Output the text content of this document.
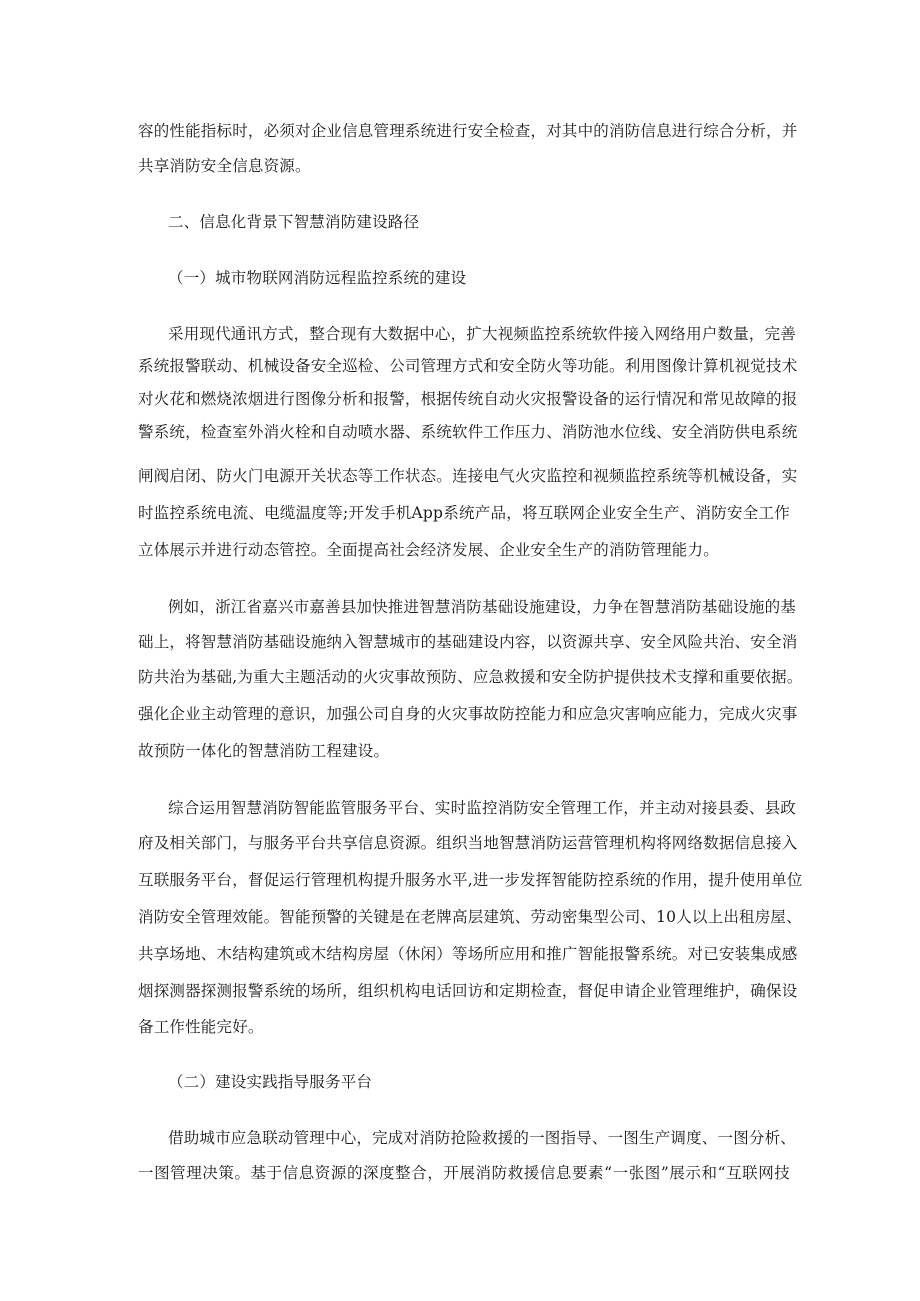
容的性能指标时，必须对企业信息管理系统进行安全检查，对其中的消防信息进行综合分析，并
共享消防安全信息资源。
二、信息化背景下智慧消防建设路径
（一）城市物联网消防远程监控系统的建设
采用现代通讯方式，整合现有大数据中心，扩大视频监控系统软件接入网络用户数量，完善
系统报警联动、机械设备安全巡检、公司管理方式和安全防火等功能。利用图像计算机视觉技术
对火花和燃烧浓烟进行图像分析和报警，根据传统自动火灾报警设备的运行情况和常见故障的报
警系统，检查室外消火栓和自动喷水器、系统软件工作压力、消防池水位线、安全消防供电系统
闸阀启闭、防火门电源开关状态等工作状态。连接电气火灾监控和视频监控系统等机械设备，实
时监控系统电流、电缆温度等;开发手机App系统产品，将互联网企业安全生产、消防安全工作
立体展示并进行动态管控。全面提高社会经济发展、企业安全生产的消防管理能力。
例如，浙江省嘉兴市嘉善县加快推进智慧消防基础设施建设，力争在智慧消防基础设施的基
础上，将智慧消防基础设施纳入智慧城市的基础建设内容，以资源共享、安全风险共治、安全消
防共治为基础,为重大主题活动的火灾事故预防、应急救援和安全防护提供技术支撑和重要依据。
强化企业主动管理的意识，加强公司自身的火灾事故防控能力和应急灾害响应能力，完成火灾事
故预防一体化的智慧消防工程建设。
综合运用智慧消防智能监管服务平台、实时监控消防安全管理工作，并主动对接县委、县政
府及相关部门，与服务平台共享信息资源。组织当地智慧消防运营管理机构将网络数据信息接入
互联服务平台，督促运行管理机构提升服务水平,进一步发挥智能防控系统的作用，提升使用单位
消防安全管理效能。智能预警的关键是在老牌高层建筑、劳动密集型公司、10人以上出租房屋、
共享场地、木结构建筑或木结构房屋（休闲）等场所应用和推广智能报警系统。对已安装集成感
烟探测器探测报警系统的场所，组织机构电话回访和定期检查，督促申请企业管理维护，确保设
备工作性能完好。
（二）建设实践指导服务平台
借助城市应急联动管理中心，完成对消防抢险救援的一图指导、一图生产调度、一图分析、
一图管理决策。基于信息资源的深度整合，开展消防救援信息要素“一张图”展示和“互联网技
